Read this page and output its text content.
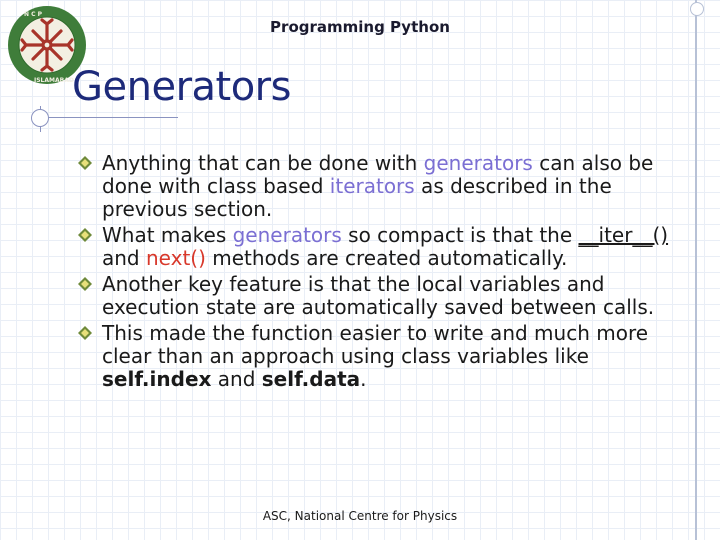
N C P
ISLAMABAD
Programming Python
Generators
Anything that can be done with generators can also be done with class based iterators as described in the previous section.
What makes generators so compact is that the __iter__() and next() methods are created automatically.
Another key feature is that the local variables and execution state are automatically saved between calls.
This made the function easier to write and much more clear than an approach using class variables like self.index and self.data.
ASC, National Centre for Physics
